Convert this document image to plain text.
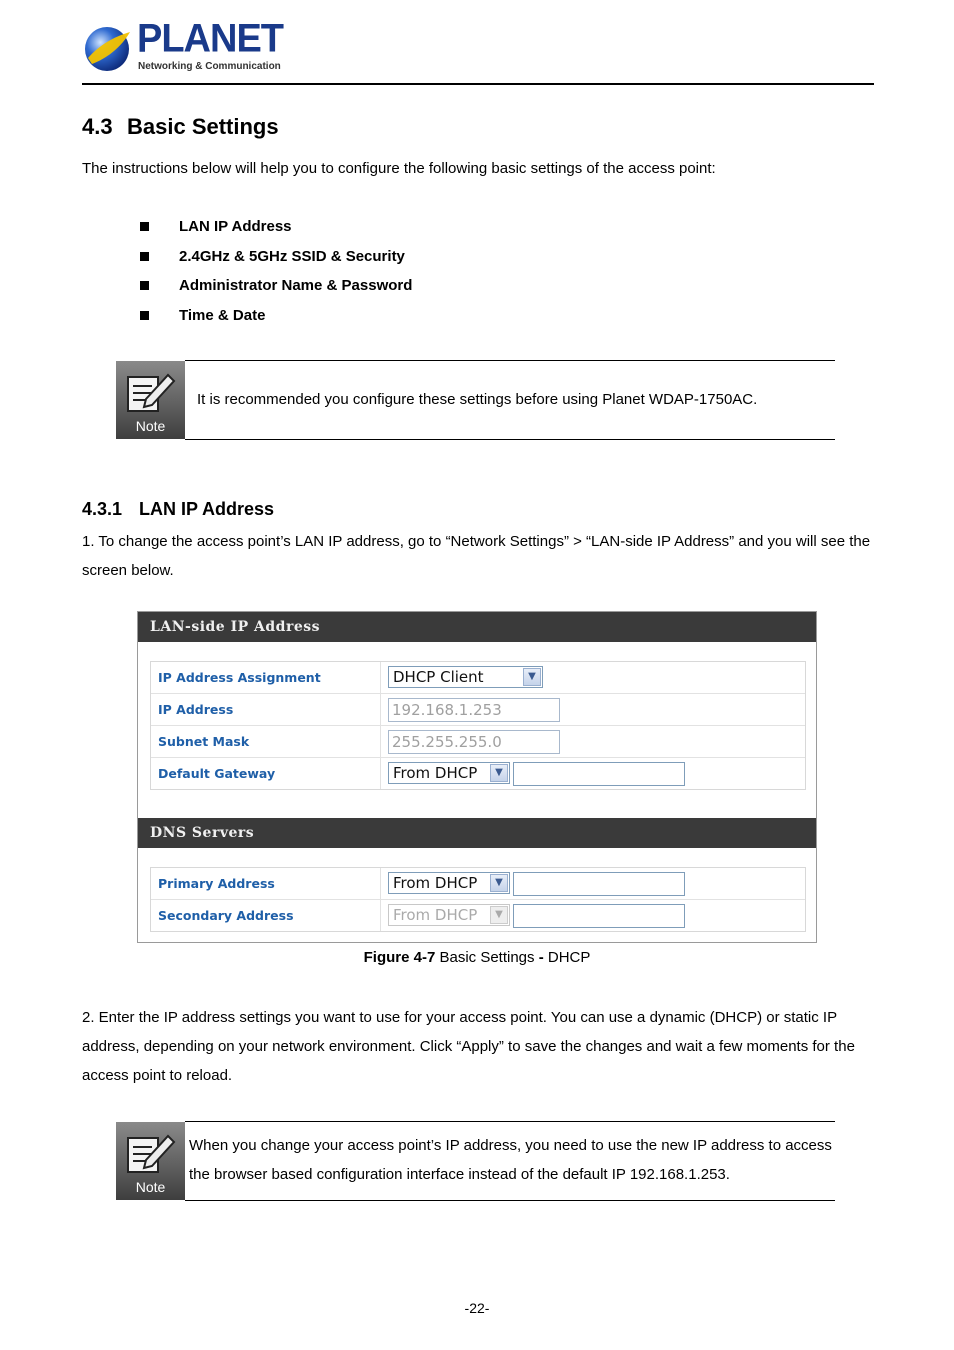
PLANET
Networking & Communication
4.3 Basic Settings
The instructions below will help you to configure the following basic settings of the access point:
LAN IP Address
2.4GHz & 5GHz SSID & Security
Administrator Name & Password
Time & Date
Note
It is recommended you configure these settings before using Planet WDAP-1750AC.
4.3.1 LAN IP Address
1. To change the access point’s LAN IP address, go to “Network Settings” > “LAN-side IP Address” and you will see the screen below.
LAN-side IP Address
IP Address Assignment	DHCP Client	▼
IP Address	192.168.1.253
Subnet Mask	255.255.255.0
Default Gateway	From DHCP	▼
DNS Servers
Primary Address	From DHCP	▼
Secondary Address	From DHCP	▼
Figure 4-7 Basic Settings - DHCP
2. Enter the IP address settings you want to use for your access point. You can use a dynamic (DHCP) or static IP address, depending on your network environment. Click “Apply” to save the changes and wait a few moments for the access point to reload.
Note
When you change your access point’s IP address, you need to use the new IP address to access the browser based configuration interface instead of the default IP 192.168.1.253.
-22-
